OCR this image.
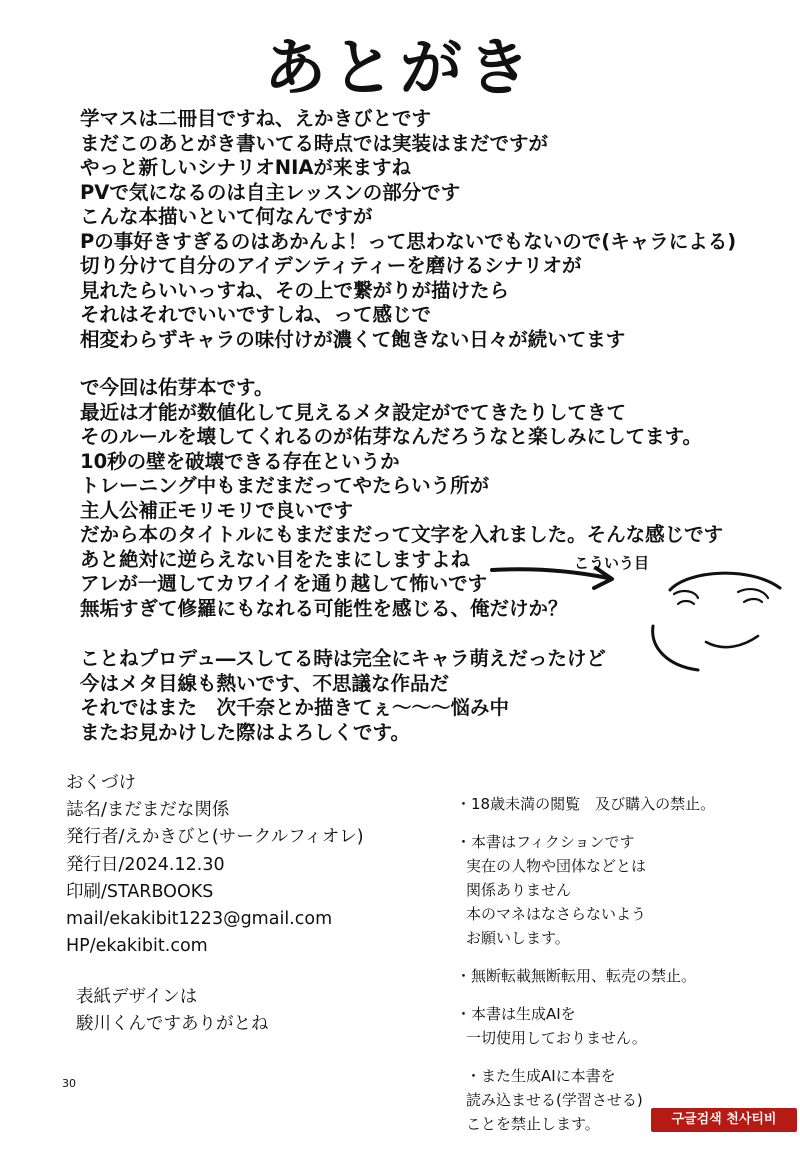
あとがき
学マスは二冊目ですね、えかきびとです
まだこのあとがき書いてる時点では実装はまだですが
やっと新しいシナリオNIAが来ますね
PVで気になるのは自主レッスンの部分です
こんな本描いといて何なんですが
Pの事好きすぎるのはあかんよ！って思わないでもないので(キャラによる)
切り分けて自分のアイデンティティーを磨けるシナリオが
見れたらいいっすね、その上で繋がりが描けたら
それはそれでいいですしね、って感じで
相変わらずキャラの味付けが濃くて飽きない日々が続いてます
で今回は佑芽本です。
最近は才能が数値化して見えるメタ設定がでてきたりしてきて
そのルールを壊してくれるのが佑芽なんだろうなと楽しみにしてます。
10秒の壁を破壊できる存在というか
トレーニング中もまだまだってやたらいう所が
主人公補正モリモリで良いです
だから本のタイトルにもまだまだって文字を入れました。そんな感じです
あと絶対に逆らえない目をたまにしますよね
アレが一週してカワイイを通り越して怖いです
無垢すぎて修羅にもなれる可能性を感じる、俺だけか？
ことねプロデュ―スしてる時は完全にキャラ萌えだったけど
今はメタ目線も熱いです、不思議な作品だ
それではまた　次千奈とか描きてぇ〜〜〜悩み中
またお見かけした際はよろしくです。
こういう目
おくづけ
誌名/まだまだな関係
発行者/えかきびと(サークルフィオレ)
発行日/2024.12.30
印刷/STARBOOKS
mail/ekakibit1223@gmail.com
HP/ekakibit.com
表紙デザインは
駿川くんですありがとね
・18歳未満の閲覧　及び購入の禁止。
・本書はフィクションです
実在の人物や団体などとは
関係ありません
本のマネはなさらないよう
お願いします。
・無断転載無断転用、転売の禁止。
・本書は生成AIを
一切使用しておりません。
・また生成AIに本書を
読み込ませる(学習させる)
ことを禁止します。
30
구글검색 천사티비
